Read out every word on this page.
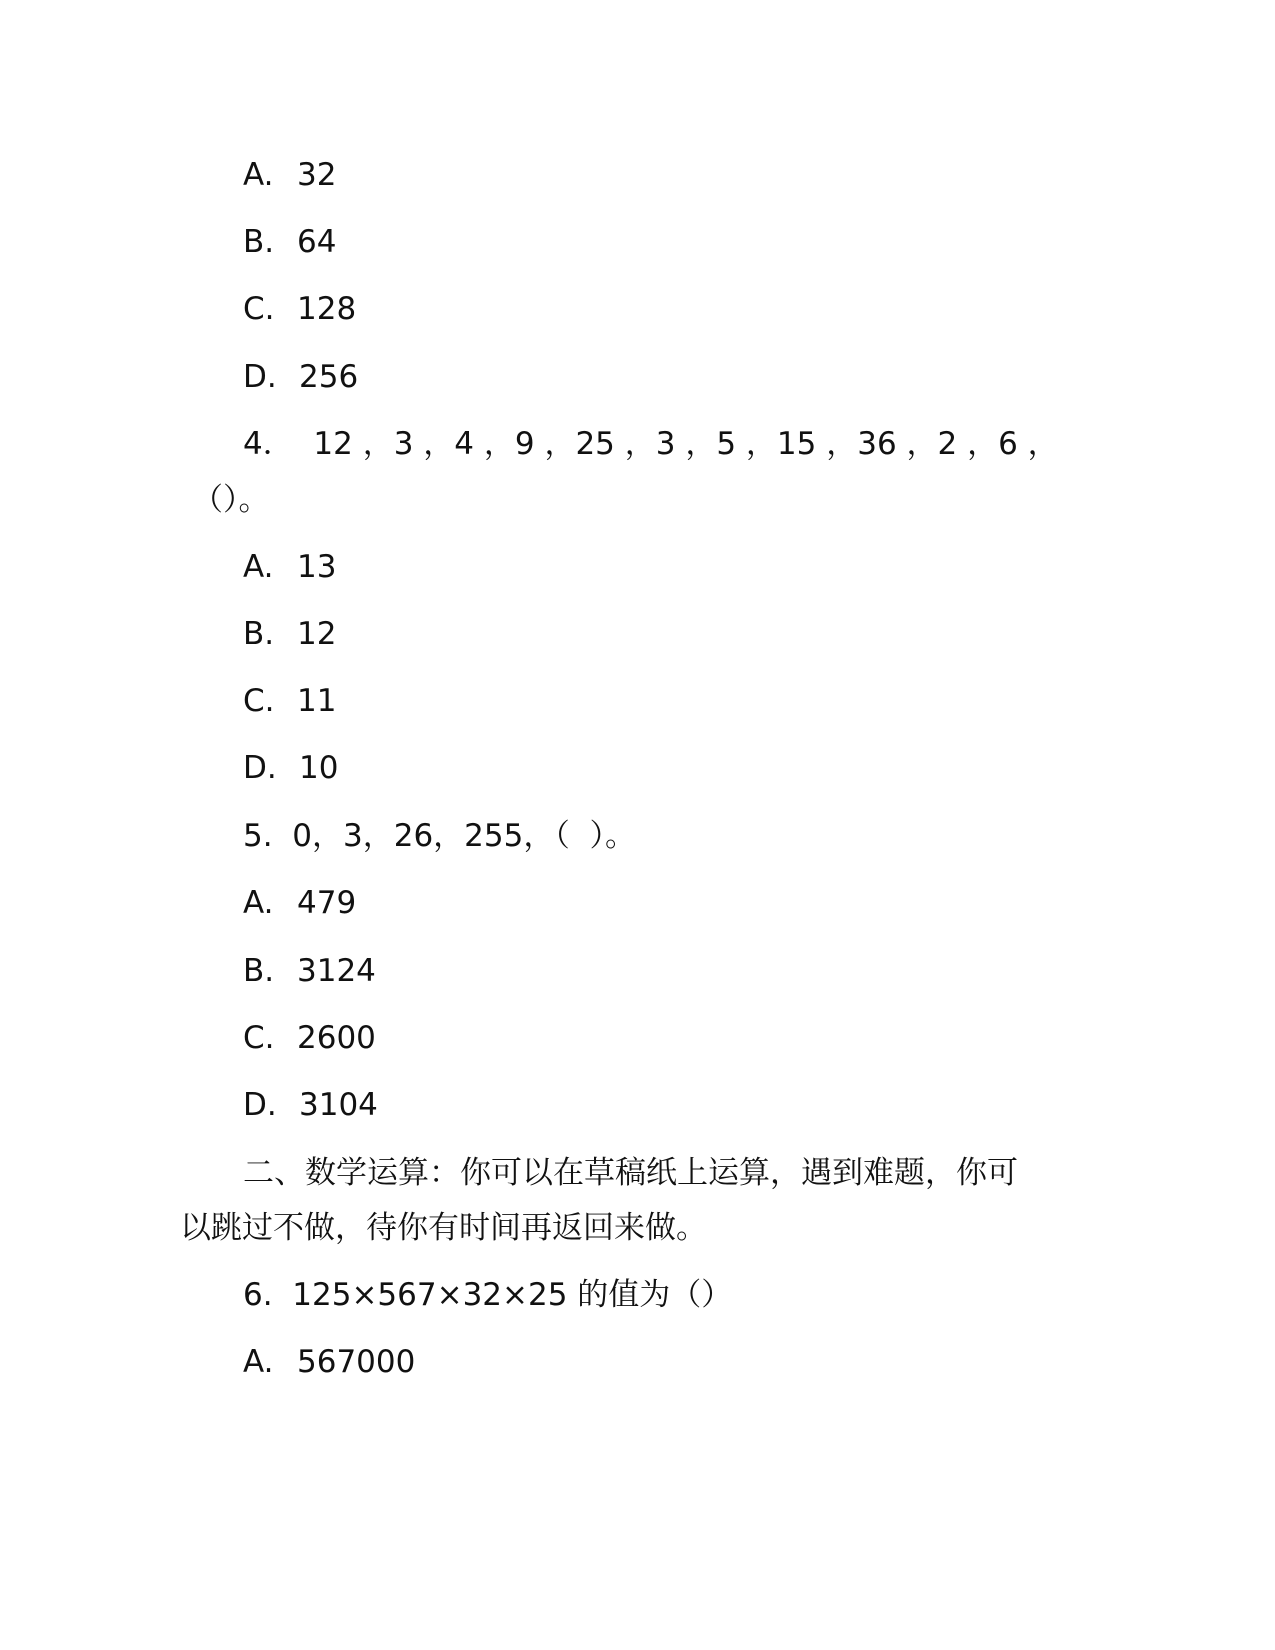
A. 32

B. 64

C. 128

D. 256

4．  12 ，3 ，4 ，9 ，25 ，3 ，5 ，15 ，36 ，2 ，6 ，

（）。

A. 13

B. 12

C. 11

D. 10

5.  0，3，26，255，（  ）。

A. 479

B. 3124

C. 2600

D. 3104

二、数学运算：你可以在草稿纸上运算，遇到难题，你可

以跳过不做，待你有时间再返回来做。

6.  125×567×32×25 的值为（）

A. 567000
